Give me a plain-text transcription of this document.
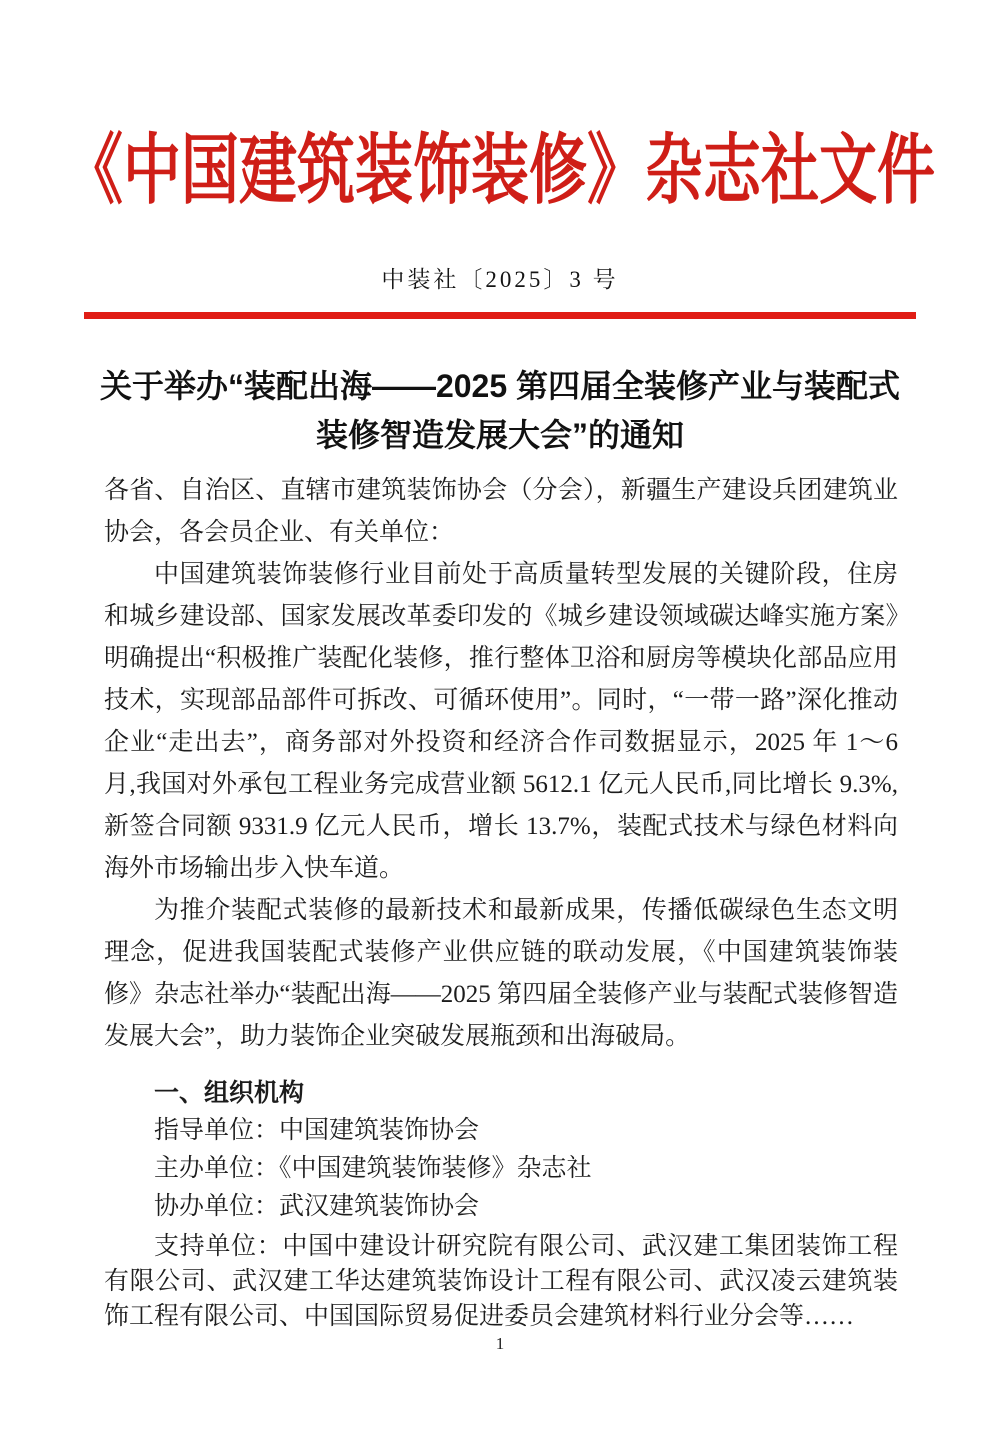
《中国建筑装饰装修》杂志社文件
中装社〔2025〕3 号
关于举办“装配出海——2025 第四届全装修产业与装配式
装修智造发展大会”的通知

各省、自治区、直辖市建筑装饰协会（分会），新疆生产建设兵团建筑业协会，各会员企业、有关单位：

中国建筑装饰装修行业目前处于高质量转型发展的关键阶段，住房和城乡建设部、国家发展改革委印发的《城乡建设领域碳达峰实施方案》明确提出“积极推广装配化装修，推行整体卫浴和厨房等模块化部品应用技术，实现部品部件可拆改、可循环使用”。同时，“一带一路”深化推动企业“走出去”，商务部对外投资和经济合作司数据显示，2025 年 1～6 月,我国对外承包工程业务完成营业额 5612.1 亿元人民币,同比增长 9.3%,新签合同额 9331.9 亿元人民币，增长 13.7%，装配式技术与绿色材料向海外市场输出步入快车道。

为推介装配式装修的最新技术和最新成果，传播低碳绿色生态文明理念，促进我国装配式装修产业供应链的联动发展，《中国建筑装饰装修》杂志社举办“装配出海——2025 第四届全装修产业与装配式装修智造发展大会”，助力装饰企业突破发展瓶颈和出海破局。

一、组织机构
指导单位：中国建筑装饰协会
主办单位：《中国建筑装饰装修》杂志社
协办单位：武汉建筑装饰协会

支持单位：中国中建设计研究院有限公司、武汉建工集团装饰工程有限公司、武汉建工华达建筑装饰设计工程有限公司、武汉凌云建筑装饰工程有限公司、中国国际贸易促进委员会建筑材料行业分会等……

1
